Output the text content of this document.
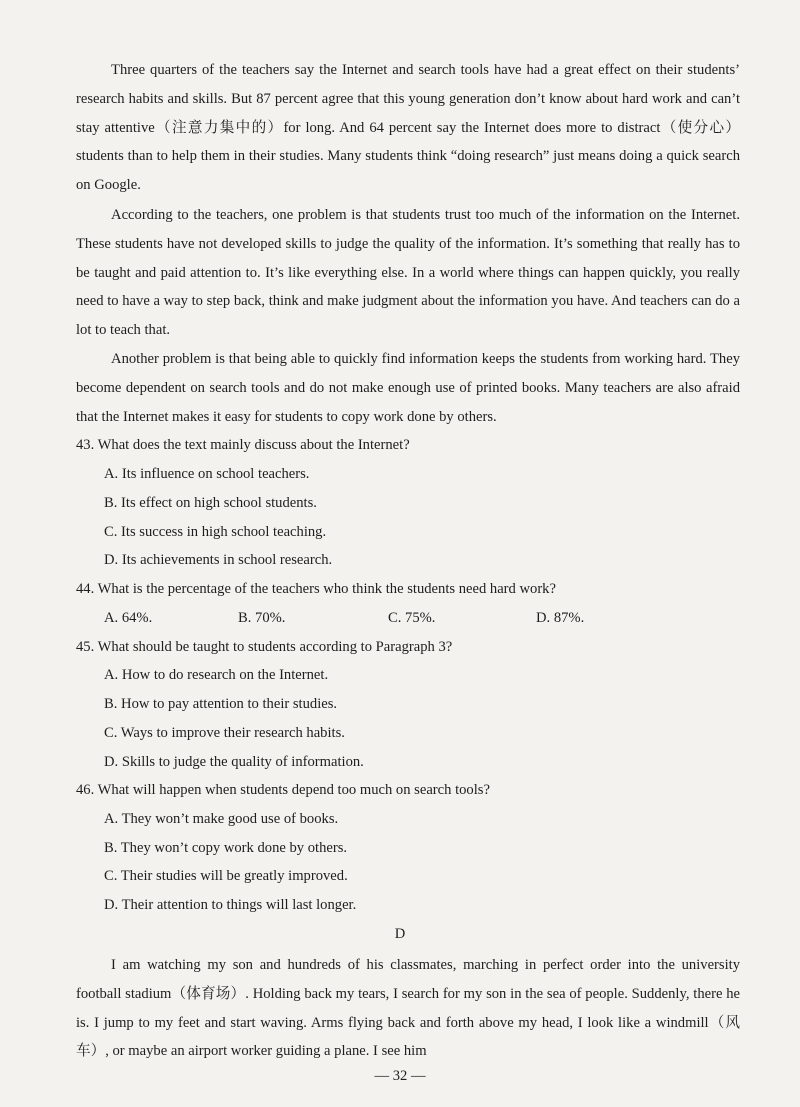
Three quarters of the teachers say the Internet and search tools have had a great effect on their students’ research habits and skills. But 87 percent agree that this young generation don’t know about hard work and can’t stay attentive（注意力集中的）for long. And 64 percent say the Internet does more to distract（使分心）students than to help them in their studies. Many students think “doing research” just means doing a quick search on Google.

According to the teachers, one problem is that students trust too much of the information on the Internet. These students have not developed skills to judge the quality of the information. It’s something that really has to be taught and paid attention to. It’s like everything else. In a world where things can happen quickly, you really need to have a way to step back, think and make judgment about the information you have. And teachers can do a lot to teach that.

Another problem is that being able to quickly find information keeps the students from working hard. They become dependent on search tools and do not make enough use of printed books. Many teachers are also afraid that the Internet makes it easy for students to copy work done by others.

43. What does the text mainly discuss about the Internet?
A. Its influence on school teachers.
B. Its effect on high school students.
C. Its success in high school teaching.
D. Its achievements in school research.
44. What is the percentage of the teachers who think the students need hard work?
A. 64%.	B. 70%.	C. 75%.	D. 87%.
45. What should be taught to students according to Paragraph 3?
A. How to do research on the Internet.
B. How to pay attention to their studies.
C. Ways to improve their research habits.
D. Skills to judge the quality of information.
46. What will happen when students depend too much on search tools?
A. They won’t make good use of books.
B. They won’t copy work done by others.
C. Their studies will be greatly improved.
D. Their attention to things will last longer.
D

I am watching my son and hundreds of his classmates, marching in perfect order into the university football stadium（体育场）. Holding back my tears, I search for my son in the sea of people. Suddenly, there he is. I jump to my feet and start waving. Arms flying back and forth above my head, I look like a windmill（风车）, or maybe an airport worker guiding a plane. I see him

— 32 —
